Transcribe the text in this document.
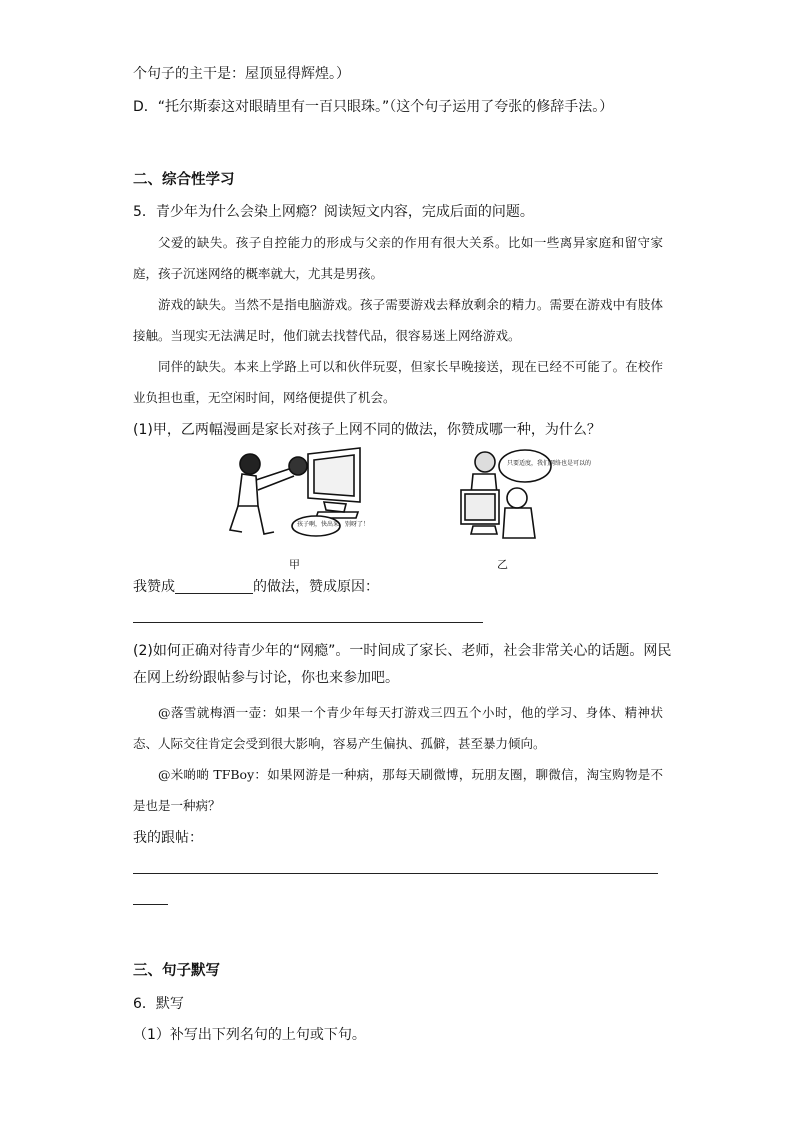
个句子的主干是：屋顶显得辉煌。）
D．“托尔斯泰这对眼睛里有一百只眼珠。”（这个句子运用了夸张的修辞手法。）
二、综合性学习
5．青少年为什么会染上网瘾？阅读短文内容，完成后面的问题。

父爱的缺失。孩子自控能力的形成与父亲的作用有很大关系。比如一些离异家庭和留守家庭，孩子沉迷网络的概率就大，尤其是男孩。

游戏的缺失。当然不是指电脑游戏。孩子需要游戏去释放剩余的精力。需要在游戏中有肢体接触。当现实无法满足时，他们就去找替代品，很容易迷上网络游戏。

同伴的缺失。本来上学路上可以和伙伴玩耍，但家长早晚接送，现在已经不可能了。在校作业负担也重，无空闲时间，网络便提供了机会。

(1)甲，乙两幅漫画是家长对孩子上网不同的做法，你赞成哪一种，为什么？
孩子啊，快出来，别呀了！
甲
只要适度，我们网络也是可以的
乙
我赞成	的做法，赞成原因：
(2)如何正确对待青少年的“网瘾”。一时间成了家长、老师，社会非常关心的话题。网民
在网上纷纷跟帖参与讨论，你也来参加吧。

@落雪就梅酒一壶：如果一个青少年每天打游戏三四五个小时，他的学习、身体、精神状态、人际交往肯定会受到很大影响，容易产生偏执、孤僻，甚至暴力倾向。

@米啲啲 TFBoy：如果网游是一种病，那每天刷微博，玩朋友圈，聊微信，淘宝购物是不是也是一种病？

我的跟帖：
三、句子默写
6．默写
（1）补写出下列名句的上句或下句。
